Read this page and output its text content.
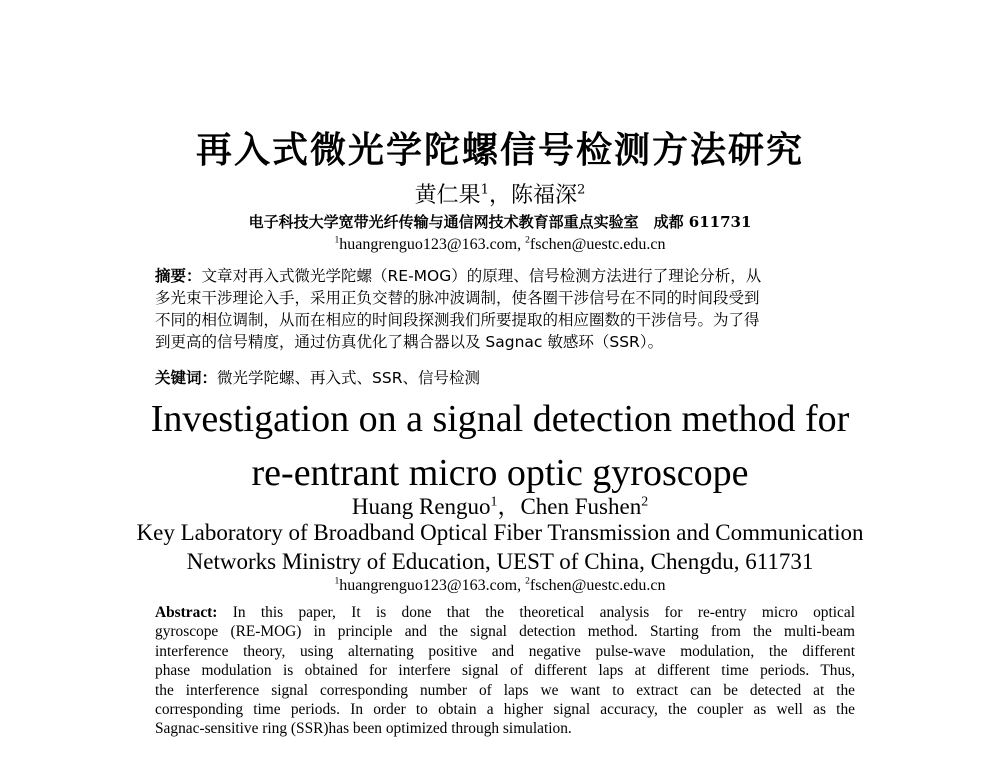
再入式微光学陀螺信号检测方法研究
黄仁果$^1$，陈福深$^2$
电子科技大学宽带光纤传输与通信网技术教育部重点实验室　成都 611731
$^1$huangrenguo123@163.com, $^2$fschen@uestc.edu.cn
摘要：文章对再入式微光学陀螺（RE-MOG）的原理、信号检测方法进行了理论分析，从
多光束干涉理论入手，采用正负交替的脉冲波调制，使各圈干涉信号在不同的时间段受到
不同的相位调制，从而在相应的时间段探测我们所要提取的相应圈数的干涉信号。为了得
到更高的信号精度，通过仿真优化了耦合器以及 Sagnac 敏感环（SSR）。
关键词：微光学陀螺、再入式、SSR、信号检测
Investigation on a signal detection method for
re-entrant micro optic gyroscope
Huang Renguo$^1$，Chen Fushen$^2$
Key Laboratory of Broadband Optical Fiber Transmission and Communication
Networks Ministry of Education, UEST of China, Chengdu, 611731
$^1$huangrenguo123@163.com, $^2$fschen@uestc.edu.cn
Abstract: In this paper, It is done that the theoretical analysis for re-entry micro optical
gyroscope (RE-MOG) in principle and the signal detection method. Starting from the multi-beam
interference theory, using alternating positive and negative pulse-wave modulation, the different
phase modulation is obtained for interfere signal of different laps at different time periods. Thus,
the interference signal corresponding number of laps we want to extract can be detected at the
corresponding time periods. In order to obtain a higher signal accuracy, the coupler as well as the
Sagnac-sensitive ring (SSR)has been optimized through simulation.
